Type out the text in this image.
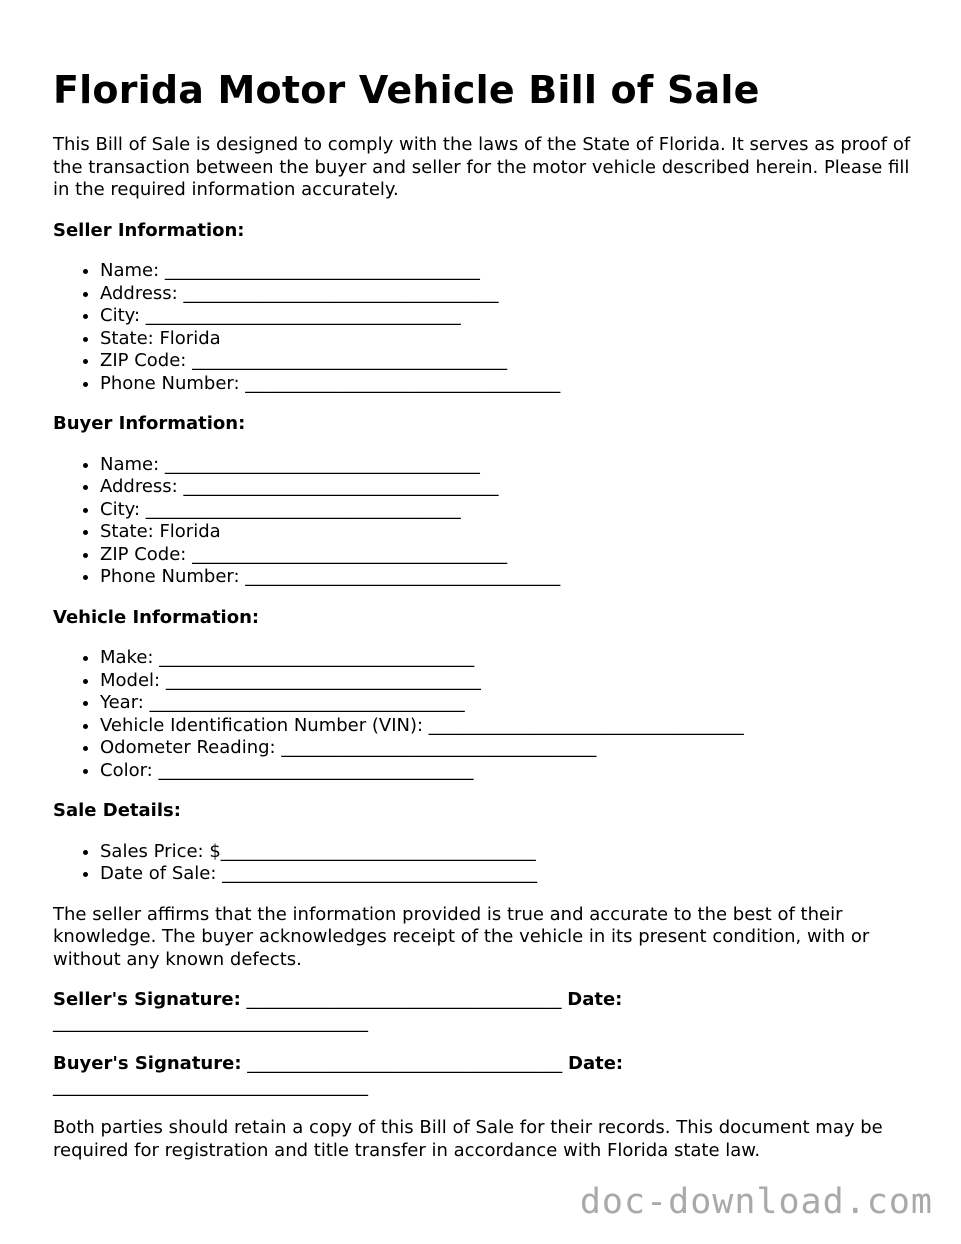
Florida Motor Vehicle Bill of Sale

This Bill of Sale is designed to comply with the laws of the State of Florida. It serves as proof of the transaction between the buyer and seller for the motor vehicle described herein. Please fill in the required information accurately.

Seller Information:
• Name: ___________________________________
• Address: ___________________________________
• City: ___________________________________
• State: Florida
• ZIP Code: ___________________________________
• Phone Number: ___________________________________
Buyer Information:
• Name: ___________________________________
• Address: ___________________________________
• City: ___________________________________
• State: Florida
• ZIP Code: ___________________________________
• Phone Number: ___________________________________
Vehicle Information:
• Make: ___________________________________
• Model: ___________________________________
• Year: ___________________________________
• Vehicle Identification Number (VIN): ___________________________________
• Odometer Reading: ___________________________________
• Color: ___________________________________
Sale Details:
• Sales Price: $___________________________________
• Date of Sale: ___________________________________

The seller affirms that the information provided is true and accurate to the best of their knowledge. The buyer acknowledges receipt of the vehicle in its present condition, with or without any known defects.

Seller's Signature: ___________________________________ Date: ___________________________________

Buyer's Signature: ___________________________________ Date: ___________________________________

Both parties should retain a copy of this Bill of Sale for their records. This document may be required for registration and title transfer in accordance with Florida state law.

doc-download.com
